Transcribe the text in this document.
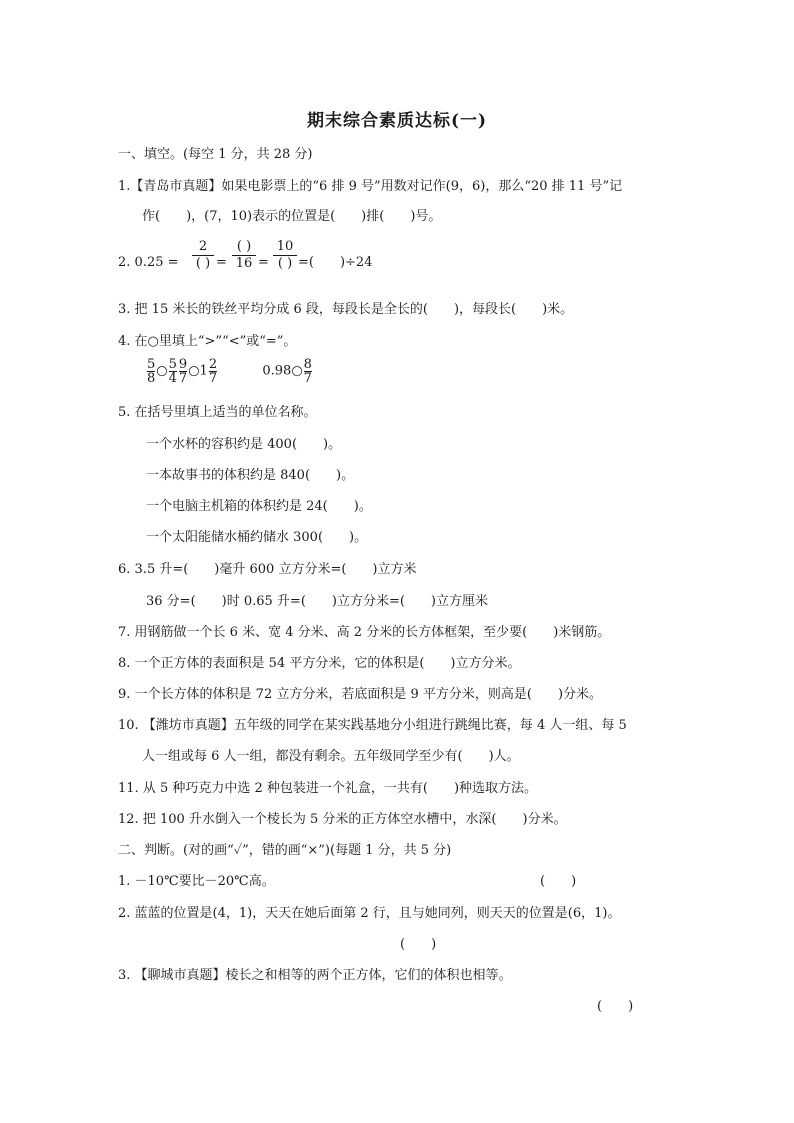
期末综合素质达标(一)
一、填空。(每空 1 分，共 28 分)
1.【青岛市真题】如果电影票上的“6 排 9 号”用数对记作(9，6)，那么“20 排 11 号”记
作(　　)，(7，10)表示的位置是(　　)排(　　)号。
2. 0.25 =
2
( ) =
( )
16 =
10
( ) =(　　)÷24
3. 把 15 米长的铁丝平均分成 6 段，每段长是全长的(　　)，每段长(　　)米。
4. 在○里填上“>”“<”或“=”。
$\frac{5}{8}$ ○ $\frac{5}{4} \frac{9}{7}$ ○1 $\frac{2}{7}$	0.98○ $\frac{8}{7}$
5. 在括号里填上适当的单位名称。
一个水杯的容积约是 400(　　)。
一本故事书的体积约是 840(　　)。
一个电脑主机箱的体积约是 24(　　)。
一个太阳能储水桶约储水 300(　　)。
6. 3.5 升=(　　)毫升 600 立方分米=(　　)立方米
36 分=(　　)时 0.65 升=(　　)立方分米=(　　)立方厘米
7. 用钢筋做一个长 6 米、宽 4 分米、高 2 分米的长方体框架，至少要(　　)米钢筋。
8. 一个正方体的表面积是 54 平方分米，它的体积是(　　)立方分米。
9. 一个长方体的体积是 72 立方分米，若底面积是 9 平方分米，则高是(　　)分米。
10. 【潍坊市真题】五年级的同学在某实践基地分小组进行跳绳比赛，每 4 人一组、每 5
人一组或每 6 人一组，都没有剩余。五年级同学至少有(　　)人。
11. 从 5 种巧克力中选 2 种包装进一个礼盒，一共有(　　)种选取方法。
12. 把 100 升水倒入一个棱长为 5 分米的正方体空水槽中，水深(　　)分米。
二、判断。(对的画“✓”，错的画“×”)(每题 1 分，共 5 分)
1. －10℃要比－20℃高。	(　　)
2. 蓝蓝的位置是(4，1)，天天在她后面第 2 行，且与她同列，则天天的位置是(6，1)。
(　　)
3. 【聊城市真题】棱长之和相等的两个正方体，它们的体积也相等。
(　　)
